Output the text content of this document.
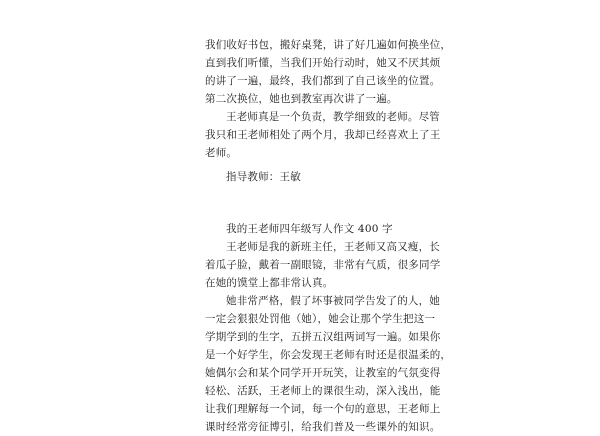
我们收好书包，搬好桌凳，讲了好几遍如何换坐位，
直到我们听懂，当我们开始行动时，她又不厌其烦
的讲了一遍，最终，我们都到了自己该坐的位置。
第二次换位，她也到教室再次讲了一遍。

王老师真是一个负责，教学细致的老师。尽管
我只和王老师相处了两个月，我却已经喜欢上了王
老师。

指导教师：王敏

我的王老师四年级写人作文 400 字

王老师是我的新班主任，王老师又高又瘦，长
着瓜子脸，戴着一副眼镜，非常有气质，很多同学
在她的馍堂上都非常认真。

她非常严格，假了坏事被同学告发了的人，她
一定会狠狠处罚他（她），她会让那个学生把这一
学期学到的生字，五拼五汉组两词写一遍。如果你
是一个好学生，你会发现王老师有时还是很温柔的，
她偶尔会和某个同学开开玩笑，让教室的气氛变得
轻松、活跃，王老师上的课很生动，深入浅出，能
让我们理解每一个词，每一个句的意思，王老师上
课时经常旁征博引，给我们普及一些课外的知识。
